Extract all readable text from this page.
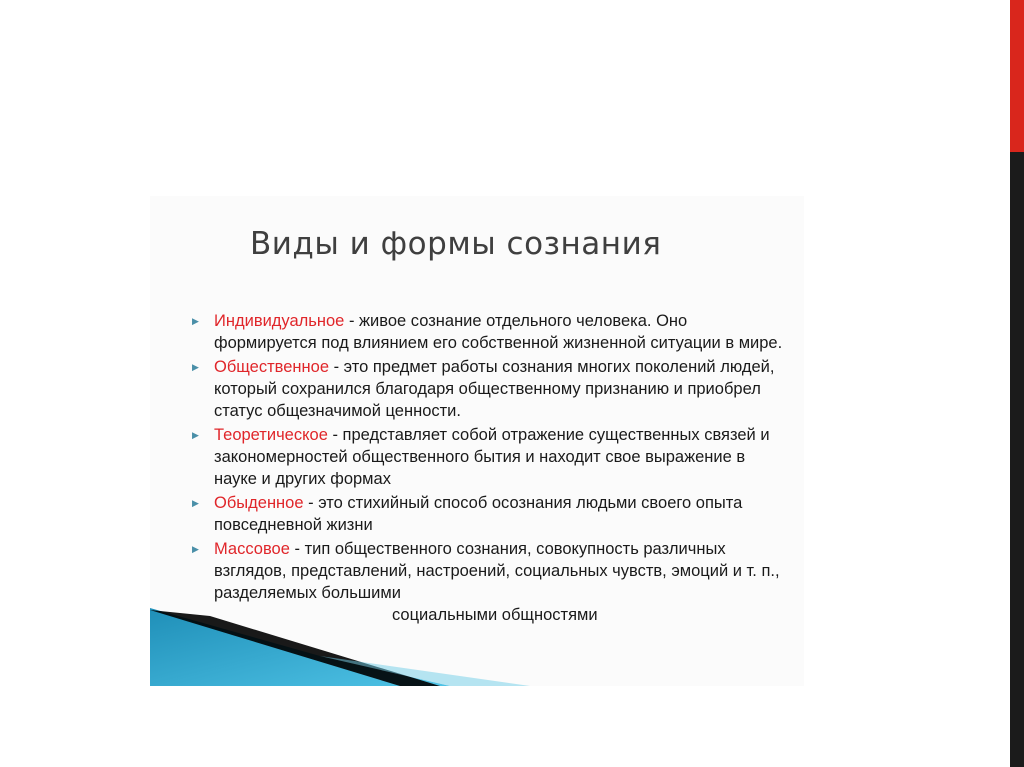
Виды и формы сознания
▶ Индивидуальное - живое сознание отдельного человека. Оно формируется под влиянием его собственной жизненной ситуации в мире.
▶ Общественное - это предмет работы сознания многих поколений людей, который сохранился благодаря общественному признанию и приобрел статус общезначимой ценности.
▶ Теоретическое - представляет собой отражение существенных связей и закономерностей общественного бытия и находит свое выражение в науке и других формах
▶ Обыденное - это стихийный способ осознания людьми своего опыта повседневной жизни
▶ Массовое - тип общественного сознания, совокупность различных взглядов, представлений, настроений, социальных чувств, эмоций и т. п., разделяемых большими
социальными общностями
